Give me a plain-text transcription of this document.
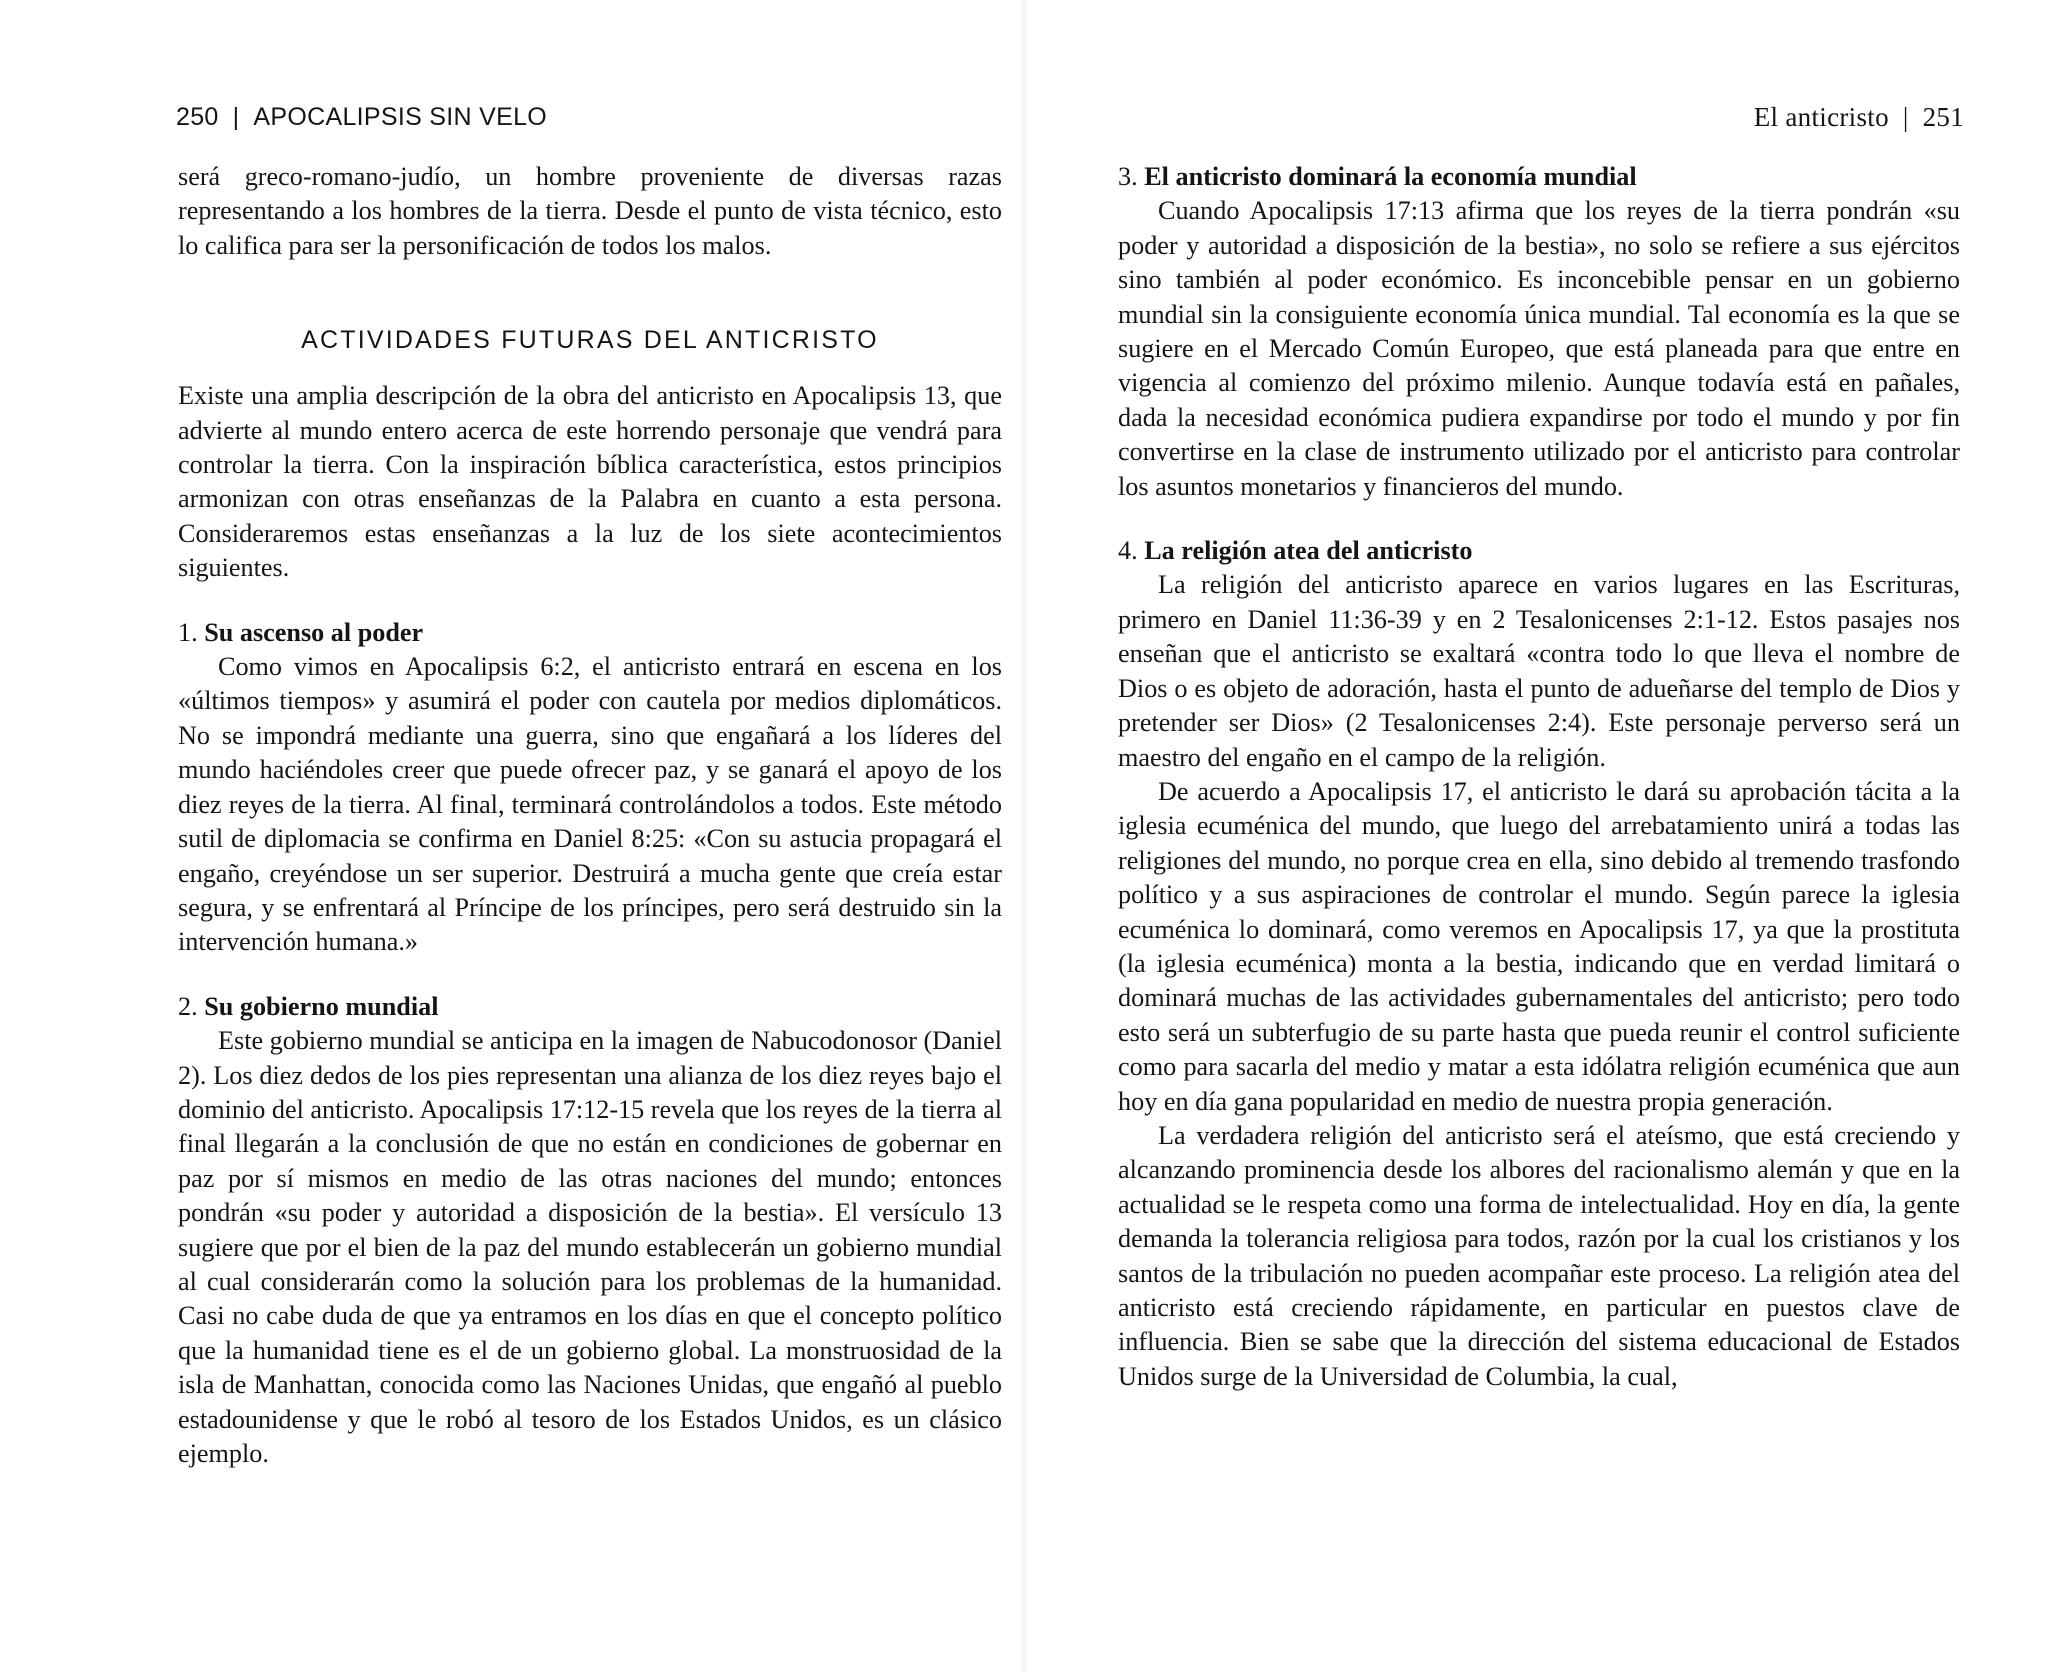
250 | APOCALIPSIS SIN VELO

será greco-romano-judío, un hombre proveniente de diversas razas representando a los hombres de la tierra. Desde el punto de vista técnico, esto lo califica para ser la personificación de todos los malos.

ACTIVIDADES FUTURAS DEL ANTICRISTO

Existe una amplia descripción de la obra del anticristo en Apocalipsis 13, que advierte al mundo entero acerca de este horrendo personaje que vendrá para controlar la tierra. Con la inspiración bíblica característica, estos principios armonizan con otras enseñanzas de la Palabra en cuanto a esta persona. Consideraremos estas enseñanzas a la luz de los siete acontecimientos siguientes.

1. Su ascenso al poder

Como vimos en Apocalipsis 6:2, el anticristo entrará en escena en los «últimos tiempos» y asumirá el poder con cautela por medios diplomáticos. No se impondrá mediante una guerra, sino que engañará a los líderes del mundo haciéndoles creer que puede ofrecer paz, y se ganará el apoyo de los diez reyes de la tierra. Al final, terminará controlándolos a todos. Este método sutil de diplomacia se confirma en Daniel 8:25: «Con su astucia propagará el engaño, creyéndose un ser superior. Destruirá a mucha gente que creía estar segura, y se enfrentará al Príncipe de los príncipes, pero será destruido sin la intervención humana.»

2. Su gobierno mundial

Este gobierno mundial se anticipa en la imagen de Nabucodonosor (Daniel 2). Los diez dedos de los pies representan una alianza de los diez reyes bajo el dominio del anticristo. Apocalipsis 17:12-15 revela que los reyes de la tierra al final llegarán a la conclusión de que no están en condiciones de gobernar en paz por sí mismos en medio de las otras naciones del mundo; entonces pondrán «su poder y autoridad a disposición de la bestia». El versículo 13 sugiere que por el bien de la paz del mundo establecerán un gobierno mundial al cual considerarán como la solución para los problemas de la humanidad. Casi no cabe duda de que ya entramos en los días en que el concepto político que la humanidad tiene es el de un gobierno global. La monstruosidad de la isla de Manhattan, conocida como las Naciones Unidas, que engañó al pueblo estadounidense y que le robó al tesoro de los Estados Unidos, es un clásico ejemplo.

El anticristo | 251
3. El anticristo dominará la economía mundial

Cuando Apocalipsis 17:13 afirma que los reyes de la tierra pondrán «su poder y autoridad a disposición de la bestia», no solo se refiere a sus ejércitos sino también al poder económico. Es inconcebible pensar en un gobierno mundial sin la consiguiente economía única mundial. Tal economía es la que se sugiere en el Mercado Común Europeo, que está planeada para que entre en vigencia al comienzo del próximo milenio. Aunque todavía está en pañales, dada la necesidad económica pudiera expandirse por todo el mundo y por fin convertirse en la clase de instrumento utilizado por el anticristo para controlar los asuntos monetarios y financieros del mundo.

4. La religión atea del anticristo

La religión del anticristo aparece en varios lugares en las Escrituras, primero en Daniel 11:36-39 y en 2 Tesalonicenses 2:1-12. Estos pasajes nos enseñan que el anticristo se exaltará «contra todo lo que lleva el nombre de Dios o es objeto de adoración, hasta el punto de adueñarse del templo de Dios y pretender ser Dios» (2 Tesalonicenses 2:4). Este personaje perverso será un maestro del engaño en el campo de la religión.

De acuerdo a Apocalipsis 17, el anticristo le dará su aprobación tácita a la iglesia ecuménica del mundo, que luego del arrebatamiento unirá a todas las religiones del mundo, no porque crea en ella, sino debido al tremendo trasfondo político y a sus aspiraciones de controlar el mundo. Según parece la iglesia ecuménica lo dominará, como veremos en Apocalipsis 17, ya que la prostituta (la iglesia ecuménica) monta a la bestia, indicando que en verdad limitará o dominará muchas de las actividades gubernamentales del anticristo; pero todo esto será un subterfugio de su parte hasta que pueda reunir el control suficiente como para sacarla del medio y matar a esta idólatra religión ecuménica que aun hoy en día gana popularidad en medio de nuestra propia generación.

La verdadera religión del anticristo será el ateísmo, que está creciendo y alcanzando prominencia desde los albores del racionalismo alemán y que en la actualidad se le respeta como una forma de intelectualidad. Hoy en día, la gente demanda la tolerancia religiosa para todos, razón por la cual los cristianos y los santos de la tribulación no pueden acompañar este proceso. La religión atea del anticristo está creciendo rápidamente, en particular en puestos clave de influencia. Bien se sabe que la dirección del sistema educacional de Estados Unidos surge de la Universidad de Columbia, la cual,
